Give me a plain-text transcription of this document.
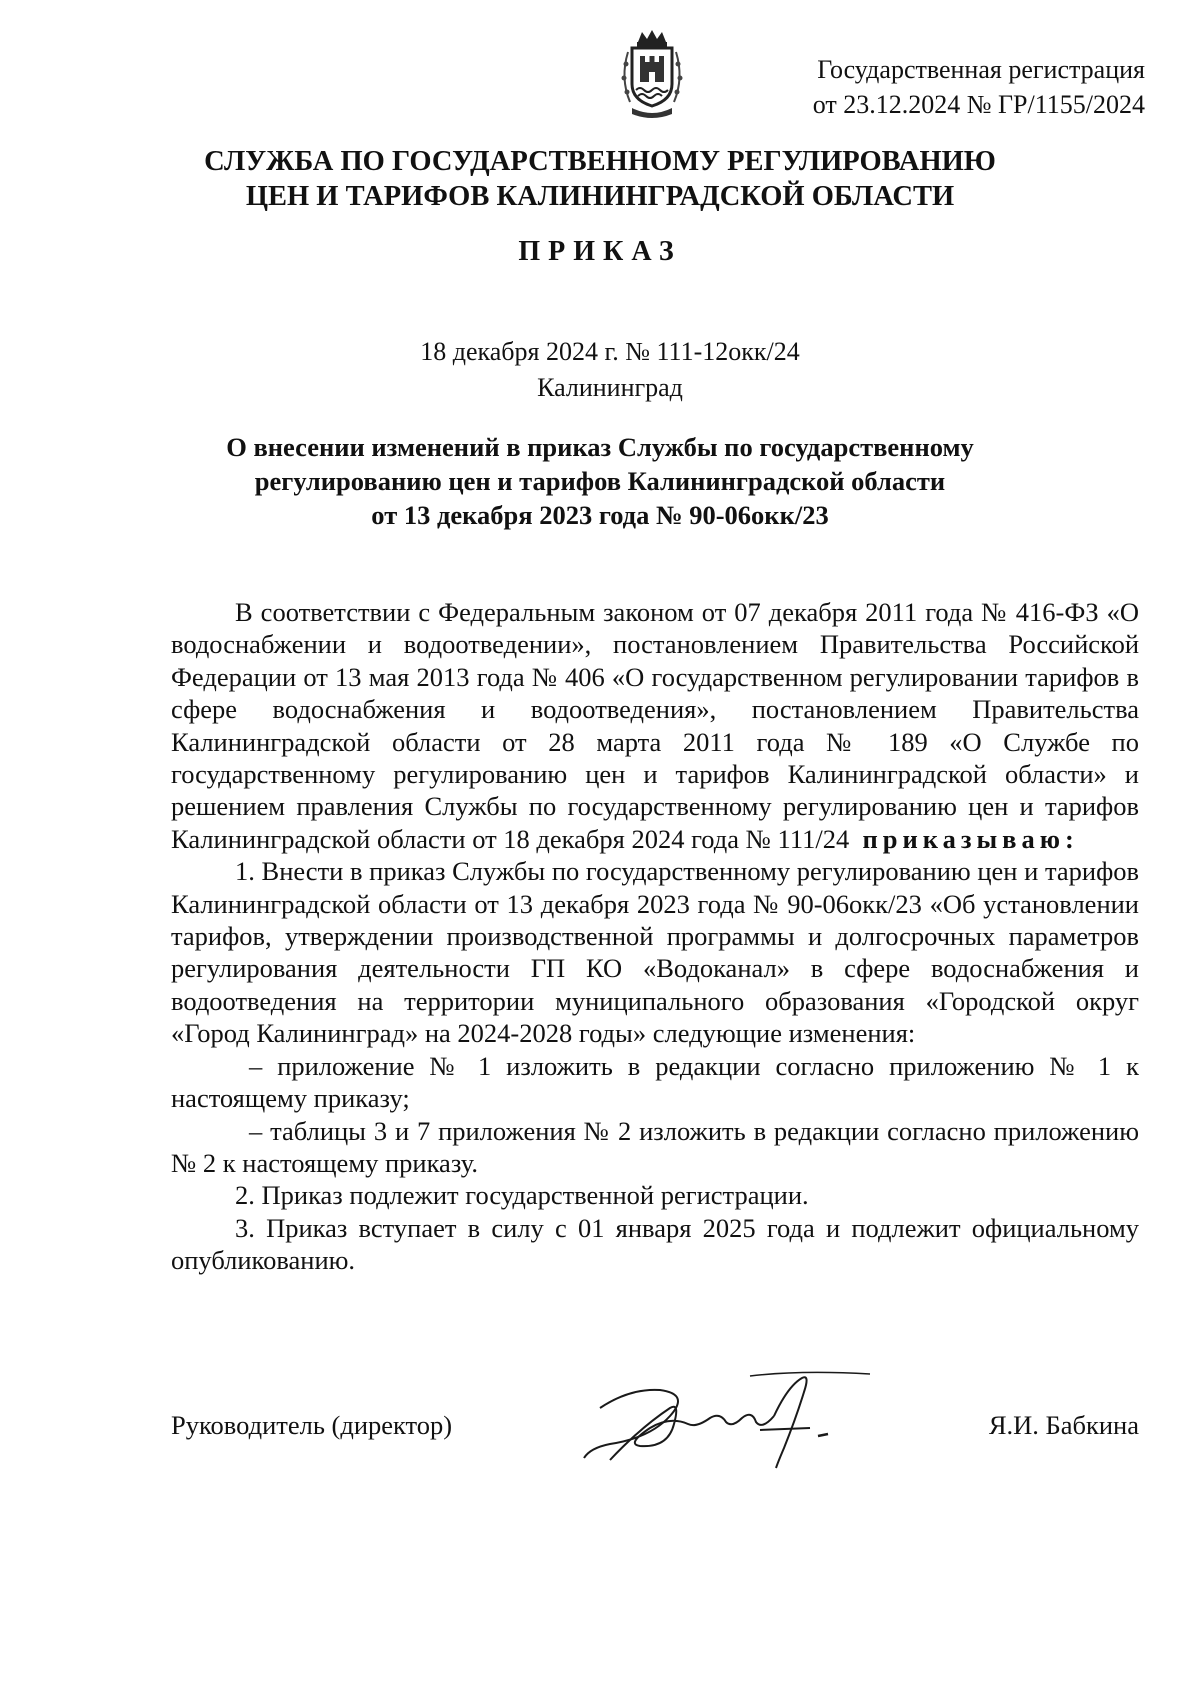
Государственная регистрация
от 23.12.2024 № ГР/1155/2024
СЛУЖБА ПО ГОСУДАРСТВЕННОМУ РЕГУЛИРОВАНИЮ
ЦЕН И ТАРИФОВ КАЛИНИНГРАДСКОЙ ОБЛАСТИ
ПРИКАЗ
18 декабря 2024 г. № 111-12окк/24
Калининград
О внесении изменений в приказ Службы по государственному
регулированию цен и тарифов Калининградской области
от 13 декабря 2023 года № 90-06окк/23

В соответствии с Федеральным законом от 07 декабря 2011 года № 416-ФЗ «О водоснабжении и водоотведении», постановлением Правительства Российской Федерации от 13 мая 2013 года № 406 «О государственном регулировании тарифов в сфере водоснабжения и водоотведения», постановлением Правительства Калининградской области от 28 марта 2011 года № 189 «О Службе по государственному регулированию цен и тарифов Калининградской области» и решением правления Службы по государственному регулированию цен и тарифов Калининградской области от 18 декабря 2024 года № 111/24 приказываю:

1. Внести в приказ Службы по государственному регулированию цен и тарифов Калининградской области от 13 декабря 2023 года № 90-06окк/23 «Об установлении тарифов, утверждении производственной программы и долгосрочных параметров регулирования деятельности ГП КО «Водоканал» в сфере водоснабжения и водоотведения на территории муниципального образования «Городской округ «Город Калининград» на 2024-2028 годы» следующие изменения:

– приложение № 1 изложить в редакции согласно приложению № 1 к настоящему приказу;

– таблицы 3 и 7 приложения № 2 изложить в редакции согласно приложению № 2 к настоящему приказу.

2. Приказ подлежит государственной регистрации.

3. Приказ вступает в силу с 01 января 2025 года и подлежит официальному опубликованию.

Руководитель (директор)	Я.И. Бабкина
